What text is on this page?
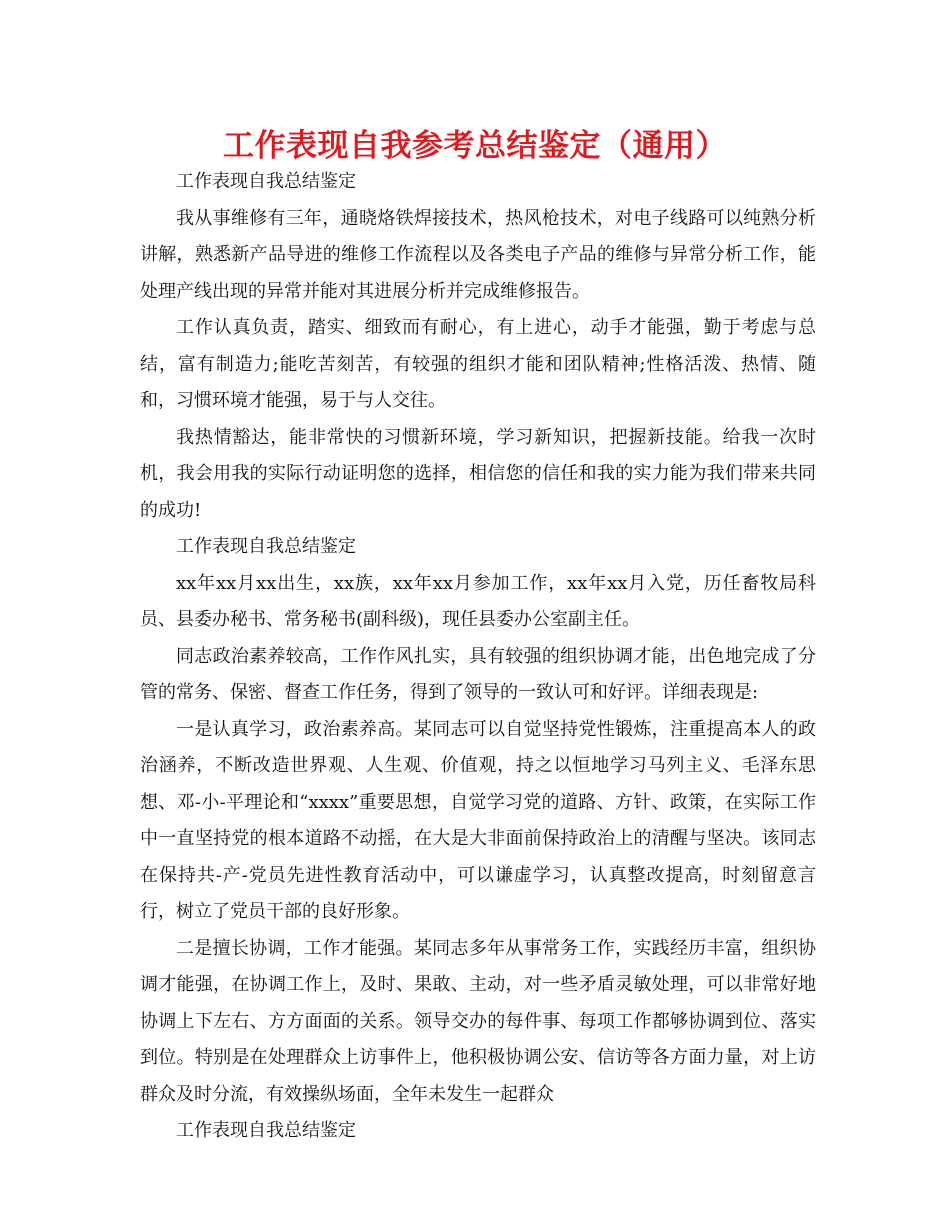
工作表现自我参考总结鉴定（通用）

工作表现自我总结鉴定

我从事维修有三年，通晓烙铁焊接技术，热风枪技术，对电子线路可以纯熟分析讲解，熟悉新产品导进的维修工作流程以及各类电子产品的维修与异常分析工作，能处理产线出现的异常并能对其进展分析并完成维修报告。

工作认真负责，踏实、细致而有耐心，有上进心，动手才能强，勤于考虑与总结，富有制造力;能吃苦刻苦，有较强的组织才能和团队精神;性格活泼、热情、随和，习惯环境才能强，易于与人交往。

我热情豁达，能非常快的习惯新环境，学习新知识，把握新技能。给我一次时机，我会用我的实际行动证明您的选择，相信您的信任和我的实力能为我们带来共同的成功!

工作表现自我总结鉴定

xx年xx月xx出生，xx族，xx年xx月参加工作，xx年xx月入党，历任畜牧局科员、县委办秘书、常务秘书(副科级)，现任县委办公室副主任。

同志政治素养较高，工作作风扎实，具有较强的组织协调才能，出色地完成了分管的常务、保密、督查工作任务，得到了领导的一致认可和好评。详细表现是:

一是认真学习，政治素养高。某同志可以自觉坚持党性锻炼，注重提高本人的政治涵养，不断改造世界观、人生观、价值观，持之以恒地学习马列主义、毛泽东思想、邓-小-平理论和“xxxx”重要思想，自觉学习党的道路、方针、政策，在实际工作中一直坚持党的根本道路不动摇，在大是大非面前保持政治上的清醒与坚决。该同志在保持共-产-党员先进性教育活动中，可以谦虚学习，认真整改提高，时刻留意言行，树立了党员干部的良好形象。

二是擅长协调，工作才能强。某同志多年从事常务工作，实践经历丰富，组织协调才能强，在协调工作上，及时、果敢、主动，对一些矛盾灵敏处理，可以非常好地协调上下左右、方方面面的关系。领导交办的每件事、每项工作都够协调到位、落实到位。特别是在处理群众上访事件上，他积极协调公安、信访等各方面力量，对上访群众及时分流，有效操纵场面，全年未发生一起群众

工作表现自我总结鉴定
